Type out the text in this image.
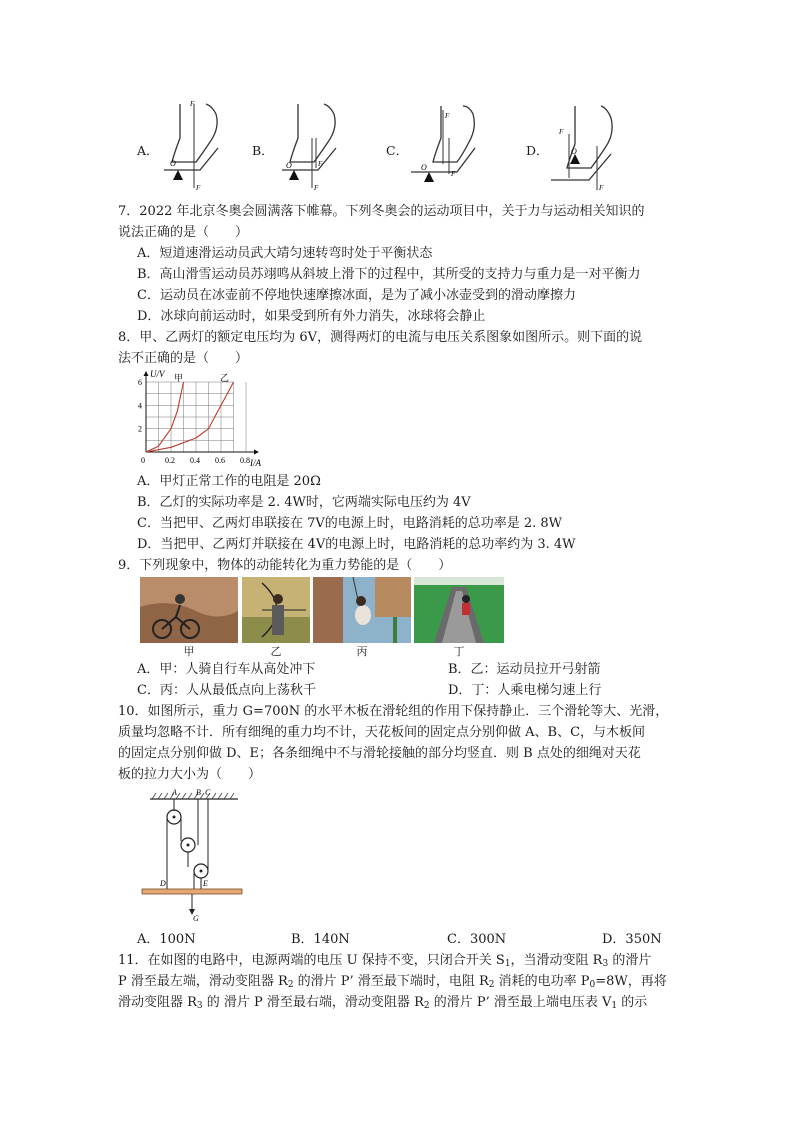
A．	B．	C．	D．
F
F
O	F
F
O
F
F
O
F
F
O
7．2022 年北京冬奥会圆满落下帷幕。下列冬奥会的运动项目中，关于力与运动相关知识的
说法正确的是（　　）
A．短道速滑运动员武大靖匀速转弯时处于平衡状态
B．高山滑雪运动员苏翊鸣从斜坡上滑下的过程中，其所受的支持力与重力是一对平衡力
C．运动员在冰壶前不停地快速摩擦冰面，是为了减小冰壶受到的滑动摩擦力
D．冰球向前运动时，如果受到所有外力消失，冰球将会静止
8．甲、乙两灯的额定电压均为 6V，测得两灯的电流与电压关系图象如图所示。则下面的说
法不正确的是（　　）
0	0.2 0.4 0.6 0.8
2
4
6
U/V
I/A
甲	乙
A．甲灯正常工作的电阻是 20Ω
B．乙灯的实际功率是 2. 4W时，它两端实际电压约为 4V
C．当把甲、乙两灯串联接在 7V的电源上时，电路消耗的总功率是 2. 8W
D．当把甲、乙两灯并联接在 4V的电源上时，电路消耗的总功率约为 3. 4W
9．下列现象中，物体的动能转化为重力势能的是（　　）
甲	乙	丙	丁
A．甲：人骑自行车从高处冲下	B．乙：运动员拉开弓射箭
C．丙：人从最低点向上荡秋千	D．丁：人乘电梯匀速上行
10．如图所示，重力 G=700N 的水平木板在滑轮组的作用下保持静止．三个滑轮等大、光滑，
质量均忽略不计．所有细绳的重力均不计，天花板间的固定点分别仰做 A、B、C，与木板间
的固定点分别仰做 D、E；各条细绳中不与滑轮接触的部分均竖直．则 B 点处的细绳对天花
板的拉力大小为（　　）
A B C
D	E
G
A．100N	B．140N	C．300N	D．350N
11．在如图的电路中，电源两端的电压 U 保持不变，只闭合开关 $S_1$，当滑动变阻 $R_3$ 的滑片
P 滑至最左端，滑动变阻器 $R_2$ 的滑片 P’ 滑至最下端时，电阻 $R_2$ 消耗的电功率 $P_0=8W$，再将
滑动变阻器 $R_3$ 的 滑片 P 滑至最右端，滑动变阻器 $R_2$ 的滑片 P’ 滑至最上端电压表 $V_1$ 的示
